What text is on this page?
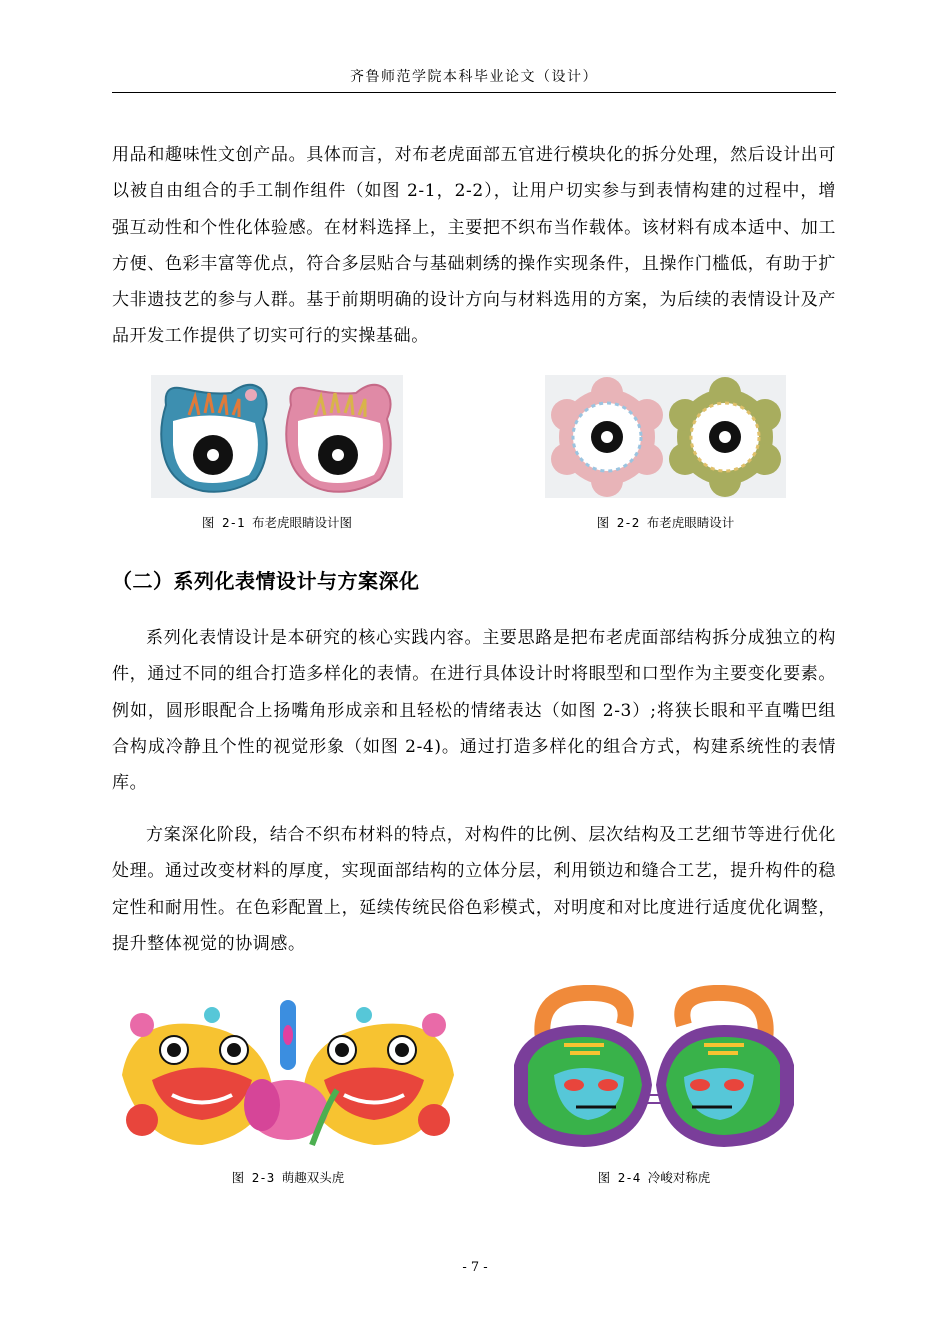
齐鲁师范学院本科毕业论文（设计）

用品和趣味性文创产品。具体而言，对布老虎面部五官进行模块化的拆分处理，然后设计出可以被自由组合的手工制作组件（如图 2-1，2-2），让用户切实参与到表情构建的过程中，增强互动性和个性化体验感。在材料选择上，主要把不织布当作载体。该材料有成本适中、加工方便、色彩丰富等优点，符合多层贴合与基础刺绣的操作实现条件，且操作门槛低，有助于扩大非遗技艺的参与人群。基于前期明确的设计方向与材料选用的方案，为后续的表情设计及产品开发工作提供了切实可行的实操基础。

图 2-1 布老虎眼睛设计图	图 2-2 布老虎眼睛设计
（二）系列化表情设计与方案深化

系列化表情设计是本研究的核心实践内容。主要思路是把布老虎面部结构拆分成独立的构件，通过不同的组合打造多样化的表情。在进行具体设计时将眼型和口型作为主要变化要素。例如，圆形眼配合上扬嘴角形成亲和且轻松的情绪表达（如图 2-3）;将狭长眼和平直嘴巴组合构成冷静且个性的视觉形象（如图 2-4)。通过打造多样化的组合方式，构建系统性的表情库。

方案深化阶段，结合不织布材料的特点，对构件的比例、层次结构及工艺细节等进行优化处理。通过改变材料的厚度，实现面部结构的立体分层，利用锁边和缝合工艺，提升构件的稳定性和耐用性。在色彩配置上，延续传统民俗色彩模式，对明度和对比度进行适度优化调整，提升整体视觉的协调感。

图 2-3 萌趣双头虎	图 2-4 冷峻对称虎
- 7 -
